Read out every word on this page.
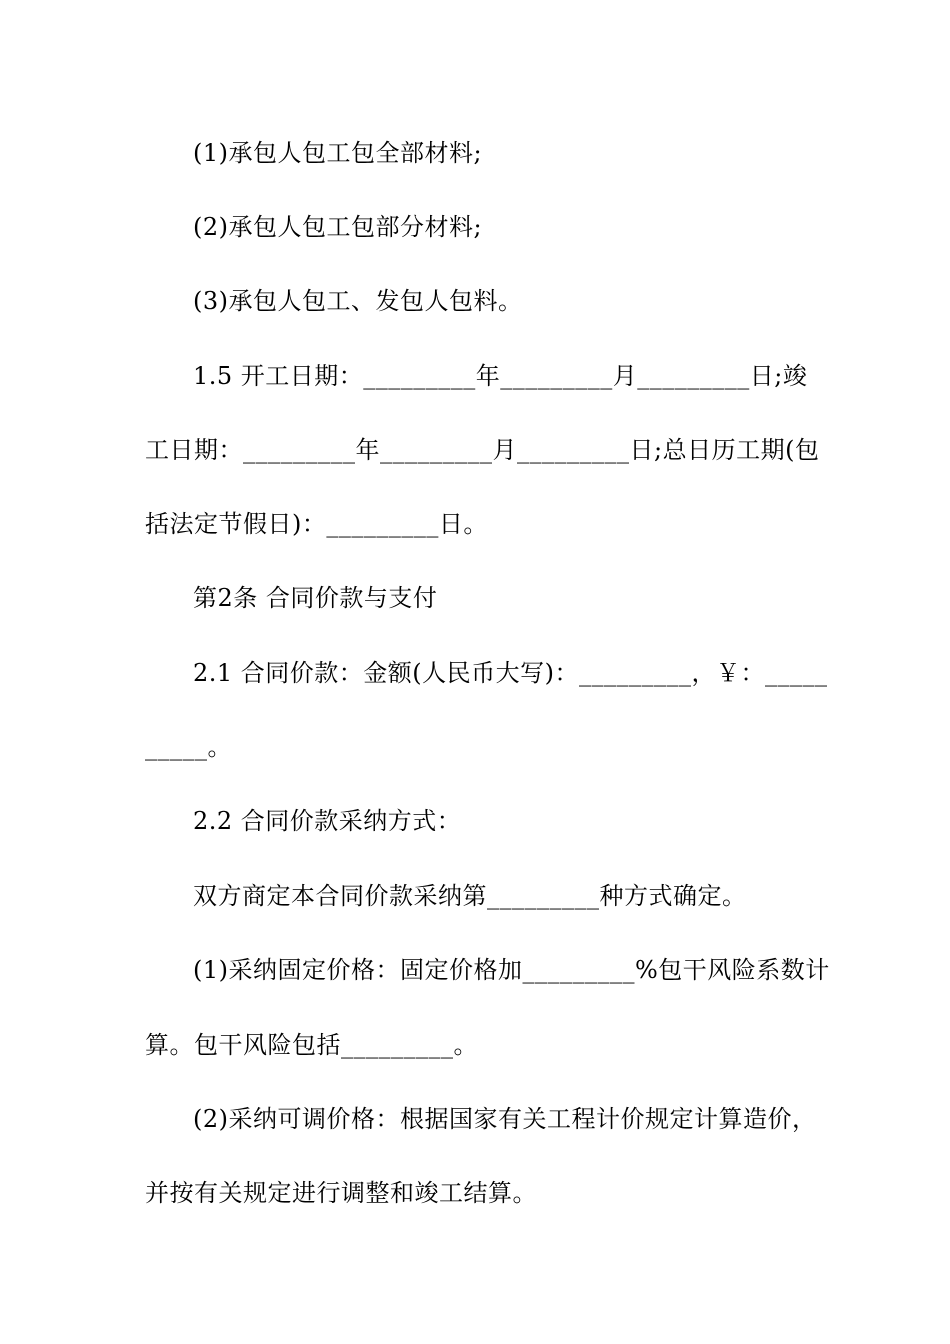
(1)承包人包工包全部材料;
(2)承包人包工包部分材料;
(3)承包人包工、发包人包料。
1.5 开工日期：_________年_________月_________日;竣
工日期：_________年_________月_________日;总日历工期(包
括法定节假日)：_________日。
第2条 合同价款与支付
2.1 合同价款：金额(人民币大写)：_________，￥：_____
_____。
2.2 合同价款采纳方式：
双方商定本合同价款采纳第_________种方式确定。
(1)采纳固定价格：固定价格加_________%包干风险系数计
算。包干风险包括_________。
(2)采纳可调价格：根据国家有关工程计价规定计算造价，
并按有关规定进行调整和竣工结算。
